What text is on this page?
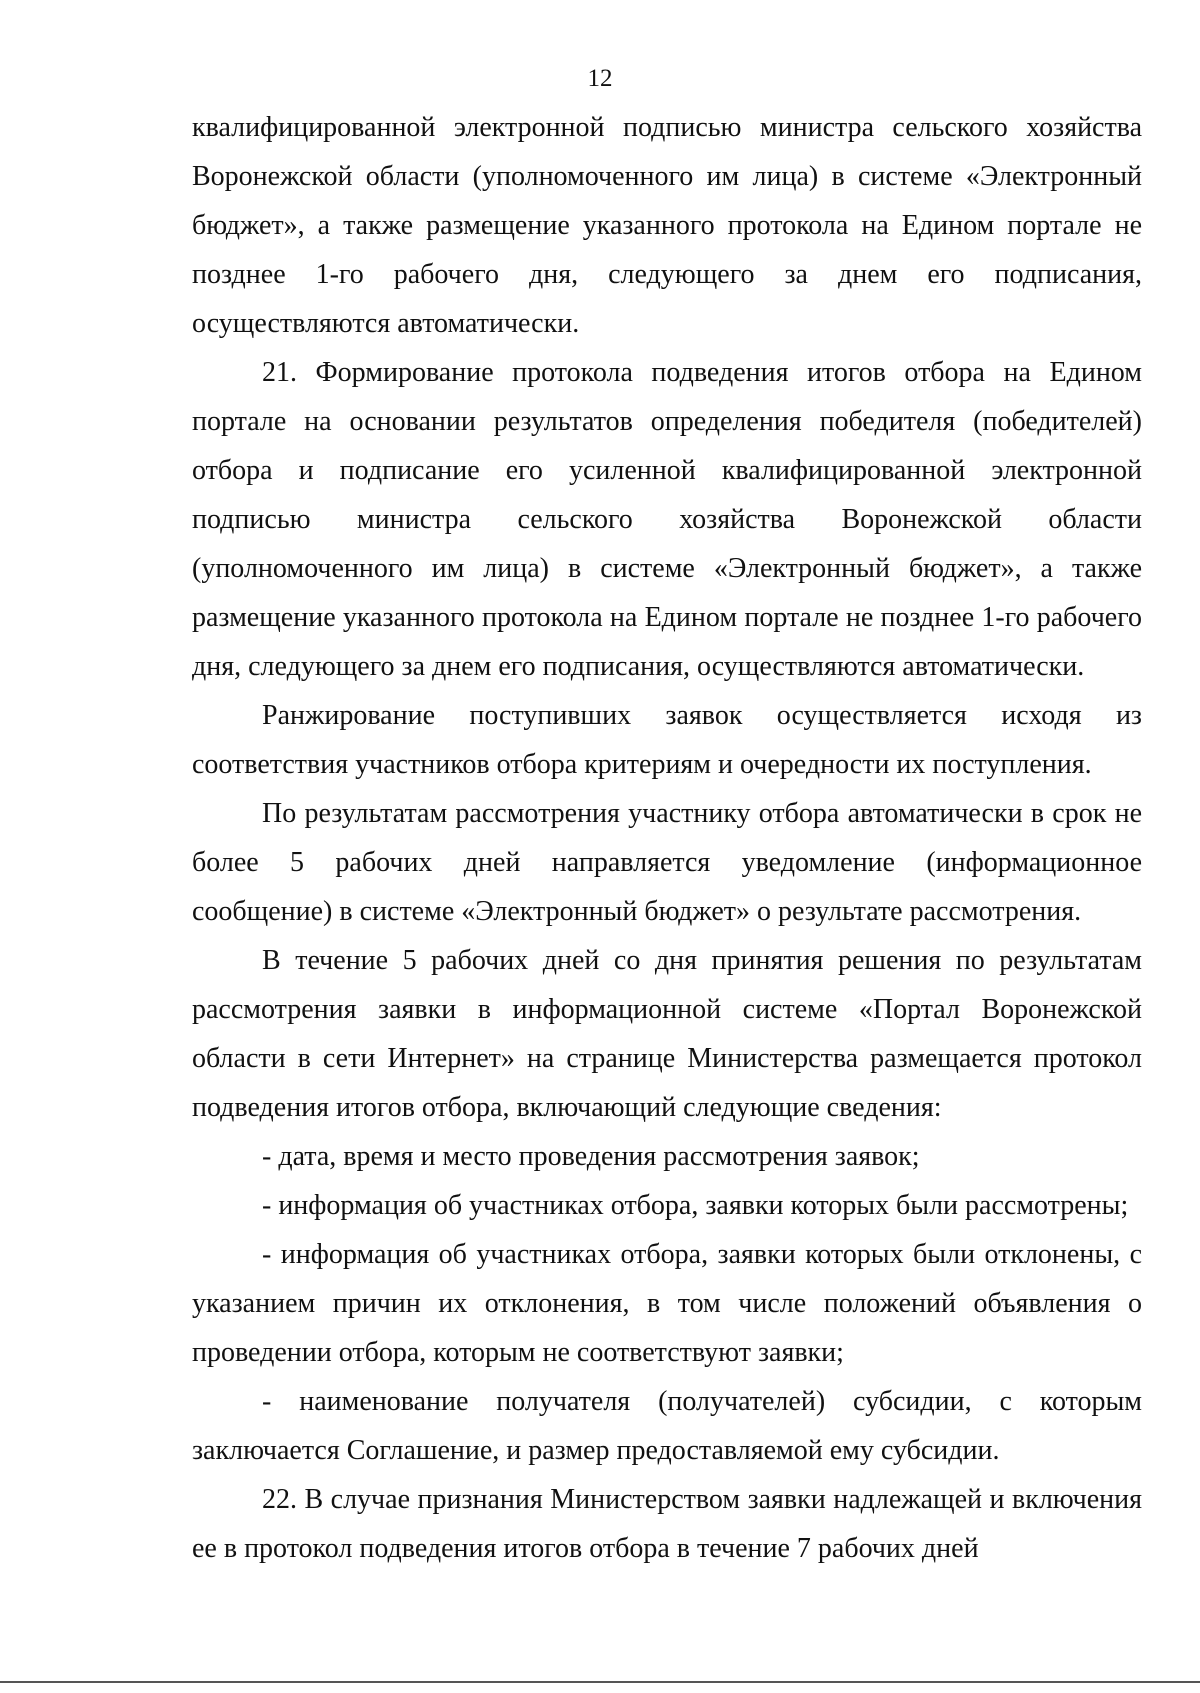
12

квалифицированной электронной подписью министра сельского хозяйства Воронежской области (уполномоченного им лица) в системе «Электронный бюджет», а также размещение указанного протокола на Едином портале не позднее 1-го рабочего дня, следующего за днем его подписания, осуществляются автоматически.

21. Формирование протокола подведения итогов отбора на Едином портале на основании результатов определения победителя (победителей) отбора и подписание его усиленной квалифицированной электронной подписью министра сельского хозяйства Воронежской области (уполномоченного им лица) в системе «Электронный бюджет», а также размещение указанного протокола на Едином портале не позднее 1-го рабочего дня, следующего за днем его подписания, осуществляются автоматически.

Ранжирование поступивших заявок осуществляется исходя из соответствия участников отбора критериям и очередности их поступления.

По результатам рассмотрения участнику отбора автоматически в срок не более 5 рабочих дней направляется уведомление (информационное сообщение) в системе «Электронный бюджет» о результате рассмотрения.

В течение 5 рабочих дней со дня принятия решения по результатам рассмотрения заявки в информационной системе «Портал Воронежской области в сети Интернет» на странице Министерства размещается протокол подведения итогов отбора, включающий следующие сведения:

- дата, время и место проведения рассмотрения заявок;

- информация об участниках отбора, заявки которых были рассмотрены;

- информация об участниках отбора, заявки которых были отклонены, с указанием причин их отклонения, в том числе положений объявления о проведении отбора, которым не соответствуют заявки;

- наименование получателя (получателей) субсидии, с которым заключается Соглашение, и размер предоставляемой ему субсидии.

22. В случае признания Министерством заявки надлежащей и включения ее в протокол подведения итогов отбора в течение 7 рабочих дней
